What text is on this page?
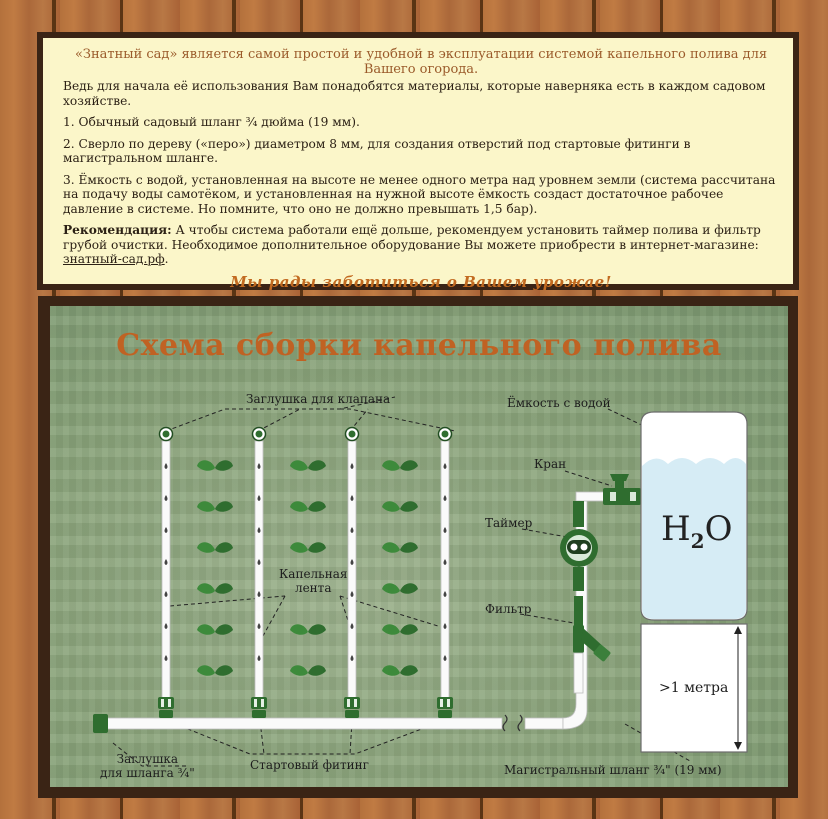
«Знатный сад» является самой простой и удобной в эксплуатации системой капельного полива для Вашего огорода.
Ведь для начала её использования Вам понадобятся материалы, которые наверняка есть в каждом садовом хозяйстве.
1. Обычный садовый шланг ¾ дюйма (19 мм).
2. Сверло по дереву («перо») диаметром 8 мм, для создания отверстий под стартовые фитинги в магистральном шланге.
3. Ёмкость с водой, установленная на высоте не менее одного метра над уровнем земли (система рассчитана на подачу воды самотёком, и установленная на нужной высоте ёмкость создаст достаточное рабочее давление в системе. Но помните, что оно не должно превышать 1,5 бар).
Рекомендация: А чтобы система работали ещё дольше, рекомендуем установить таймер полива и фильтр грубой очистки. Необходимое дополнительное оборудование Вы можете приобрести в интернет-магазине: знатный-сад.рф.
Мы рады заботиться о Вашем урожае!
Схема сборки капельного полива
Заглушка для клапана	Ёмкость с водой
Кран
Таймер
Фильтр
Капельная
лента
Заглушка
для шланга ¾"
Стартовый фитинг	Магистральный шланг ¾" (19 мм)
>1 метра
$H_2O$
